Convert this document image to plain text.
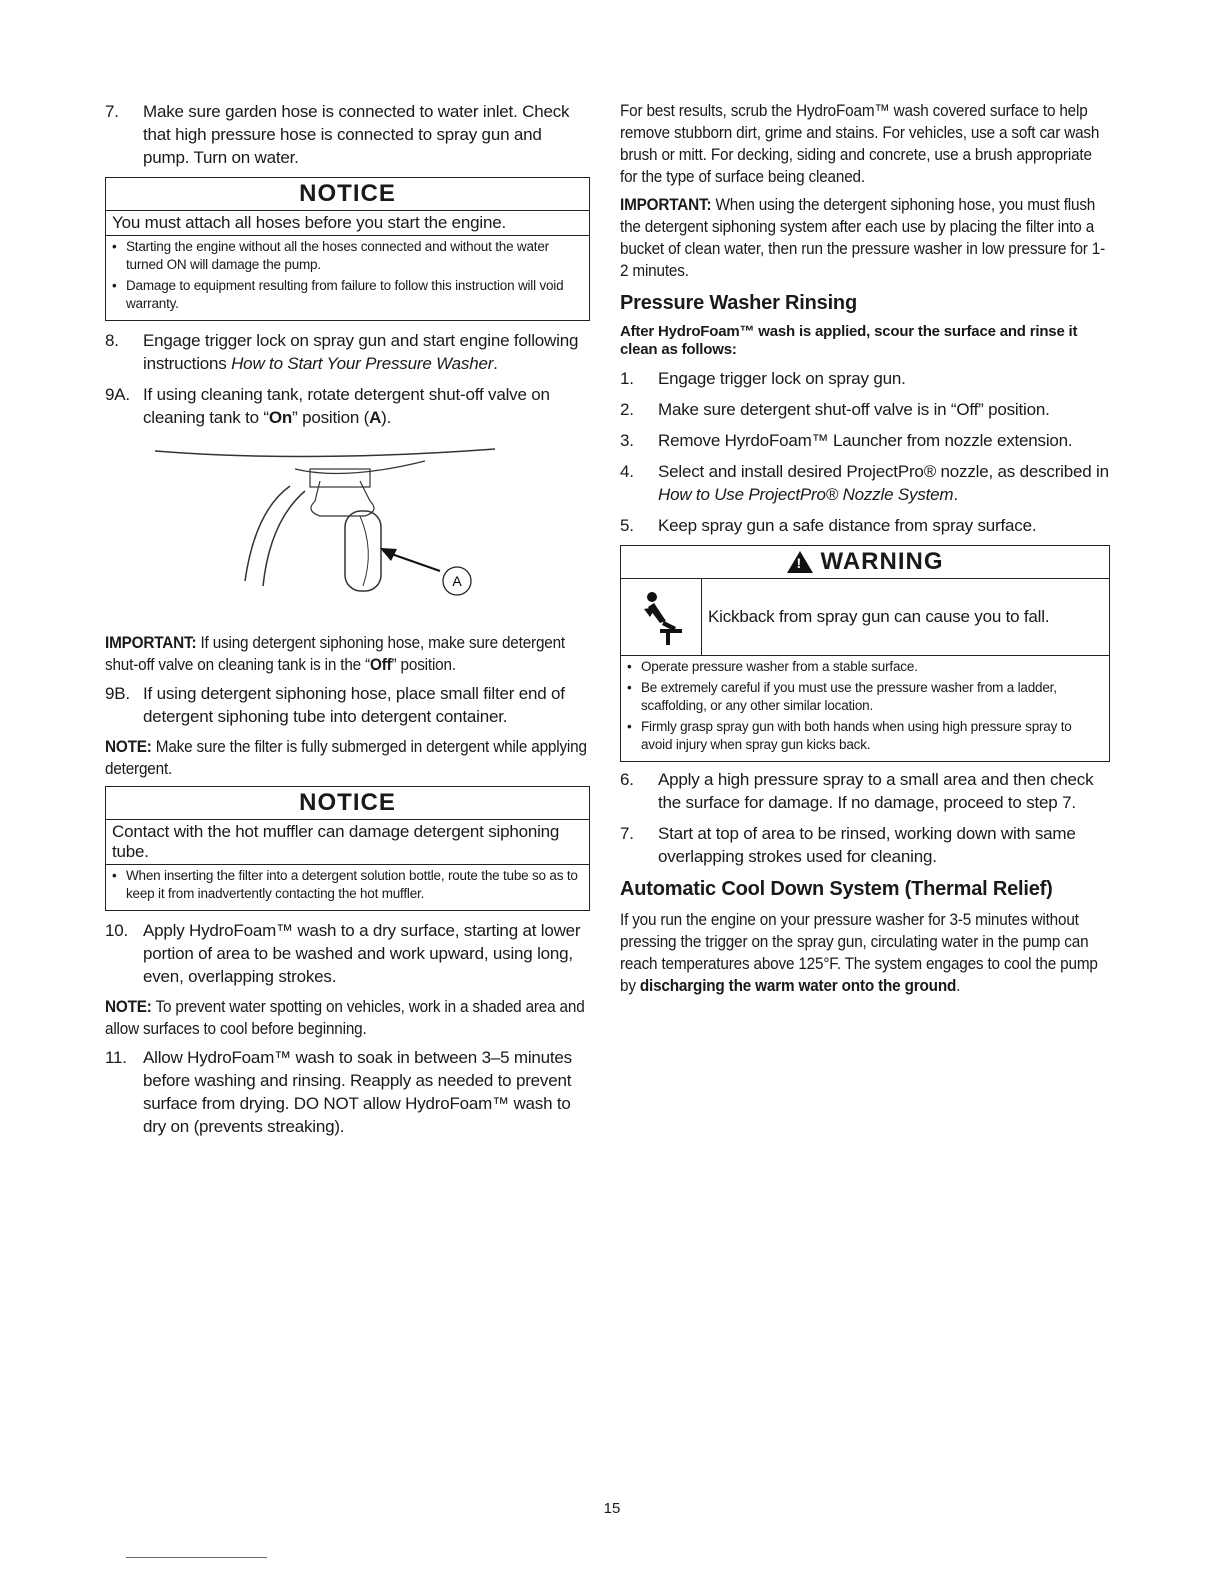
7.	Make sure garden hose is connected to water inlet. Check that high pressure hose is connected to spray gun and pump. Turn on water.
NOTICE
You must attach all hoses before you start the engine.
• Starting the engine without all the hoses connected and without the water turned ON will damage the pump.
• Damage to equipment resulting from failure to follow this instruction will void warranty.
8.	Engage trigger lock on spray gun and start engine following instructions How to Start Your Pressure Washer.
9A. If using cleaning tank, rotate detergent shut-off valve on cleaning tank to “On” position (A).
A

IMPORTANT: If using detergent siphoning hose, make sure detergent shut-off valve on cleaning tank is in the “Off” position.

9B. If using detergent siphoning hose, place small filter end of detergent siphoning tube into detergent container.

NOTE: Make sure the filter is fully submerged in detergent while applying detergent.

NOTICE
Contact with the hot muffler can damage detergent siphoning tube.
• When inserting the filter into a detergent solution bottle, route the tube so as to keep it from inadvertently contacting the hot muffler.
10. Apply HydroFoam™ wash to a dry surface, starting at lower portion of area to be washed and work upward, using long, even, overlapping strokes.

NOTE: To prevent water spotting on vehicles, work in a shaded area and allow surfaces to cool before beginning.

11. Allow HydroFoam™ wash to soak in between 3–5 minutes before washing and rinsing. Reapply as needed to prevent surface from drying. DO NOT allow HydroFoam™ wash to dry on (prevents streaking).

For best results, scrub the HydroFoam™ wash covered surface to help remove stubborn dirt, grime and stains. For vehicles, use a soft car wash brush or mitt. For decking, siding and concrete, use a brush appropriate for the type of surface being cleaned.

IMPORTANT: When using the detergent siphoning hose, you must flush the detergent siphoning system after each use by placing the filter into a bucket of clean water, then run the pressure washer in low pressure for 1-2 minutes.

Pressure Washer Rinsing
After HydroFoam™ wash is applied, scour the surface and rinse it clean as follows:
1.	Engage trigger lock on spray gun.
2.	Make sure detergent shut-off valve is in “Off” position.
3.	Remove HyrdoFoam™ Launcher from nozzle extension.
4.	Select and install desired ProjectPro® nozzle, as described in How to Use ProjectPro® Nozzle System.
5.	Keep spray gun a safe distance from spray surface.
! WARNING
Kickback from spray gun can cause you to fall.
• Operate pressure washer from a stable surface.
• Be extremely careful if you must use the pressure washer from a ladder, scaffolding, or any other similar location.
• Firmly grasp spray gun with both hands when using high pressure spray to avoid injury when spray gun kicks back.
6.	Apply a high pressure spray to a small area and then check the surface for damage. If no damage, proceed to step 7.
7.	Start at top of area to be rinsed, working down with same overlapping strokes used for cleaning.
Automatic Cool Down System (Thermal Relief)

If you run the engine on your pressure washer for 3-5 minutes without pressing the trigger on the spray gun, circulating water in the pump can reach temperatures above 125°F. The system engages to cool the pump by discharging the warm water onto the ground.

15
